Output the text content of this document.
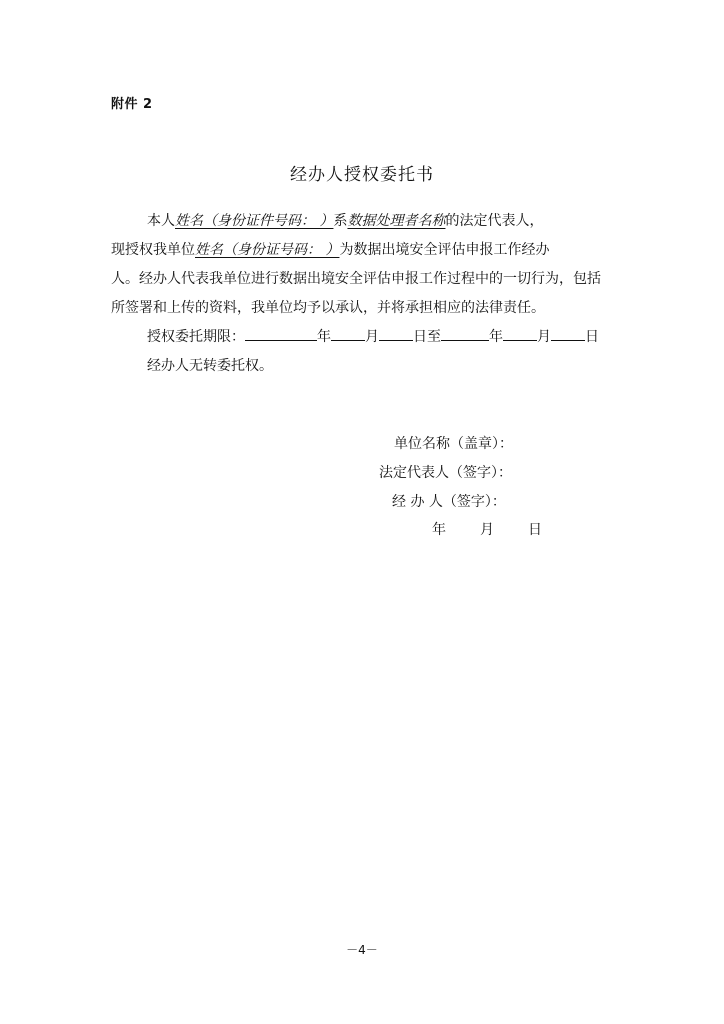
附件 2
经办人授权委托书
本人姓名（身份证件号码： ）系数据处理者名称的法定代表人，
现授权我单位姓名（身份证号码： ）为数据出境安全评估申报工作经办
人。经办人代表我单位进行数据出境安全评估申报工作过程中的一切行为，包括
所签署和上传的资料，我单位均予以承认，并将承担相应的法律责任。
授权委托期限：	年 月 日至	年 月 日
经办人无转委托权。
单位名称（盖章）：
法定代表人（签字）：
经 办 人（签字）：
年 月 日
－4－
